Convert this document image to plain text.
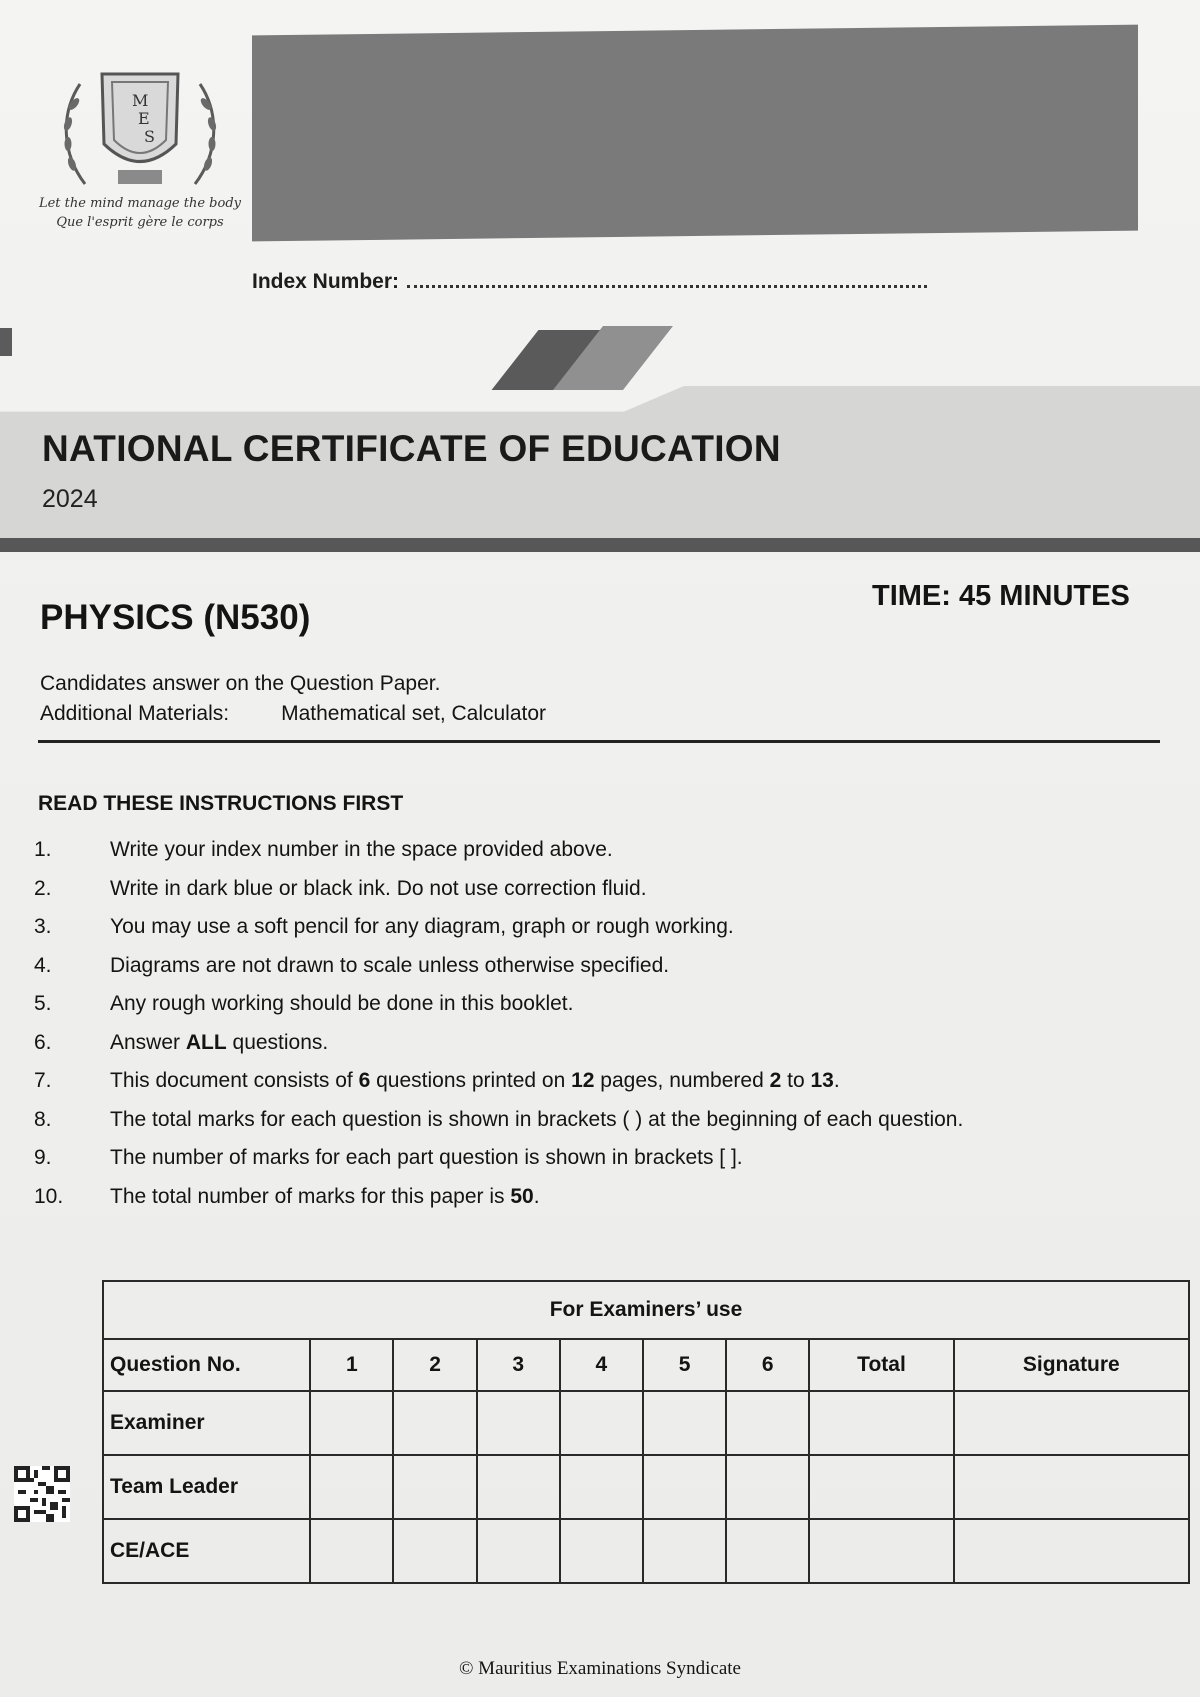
M
E
S
Let the mind manage the body
Que l'esprit gère le corps
Index Number:
NATIONAL CERTIFICATE OF EDUCATION
2024
PHYSICS (N530)
TIME: 45 MINUTES
Candidates answer on the Question Paper.
Additional Materials: Mathematical set, Calculator
READ THESE INSTRUCTIONS FIRST
1.	Write your index number in the space provided above.
2.	Write in dark blue or black ink. Do not use correction fluid.
3.	You may use a soft pencil for any diagram, graph or rough working.
4.	Diagrams are not drawn to scale unless otherwise specified.
5.	Any rough working should be done in this booklet.
6.	Answer ALL questions.
7.	This document consists of 6 questions printed on 12 pages, numbered 2 to 13.
8.	The total marks for each question is shown in brackets ( ) at the beginning of each question.
9.	The number of marks for each part question is shown in brackets [ ].
10.	The total number of marks for this paper is 50.
For Examiners’ use								
Question No.	1	2	3	4	5	6	Total	Signature
Examiner								
Team Leader								
CE/ACE								
© Mauritius Examinations Syndicate
